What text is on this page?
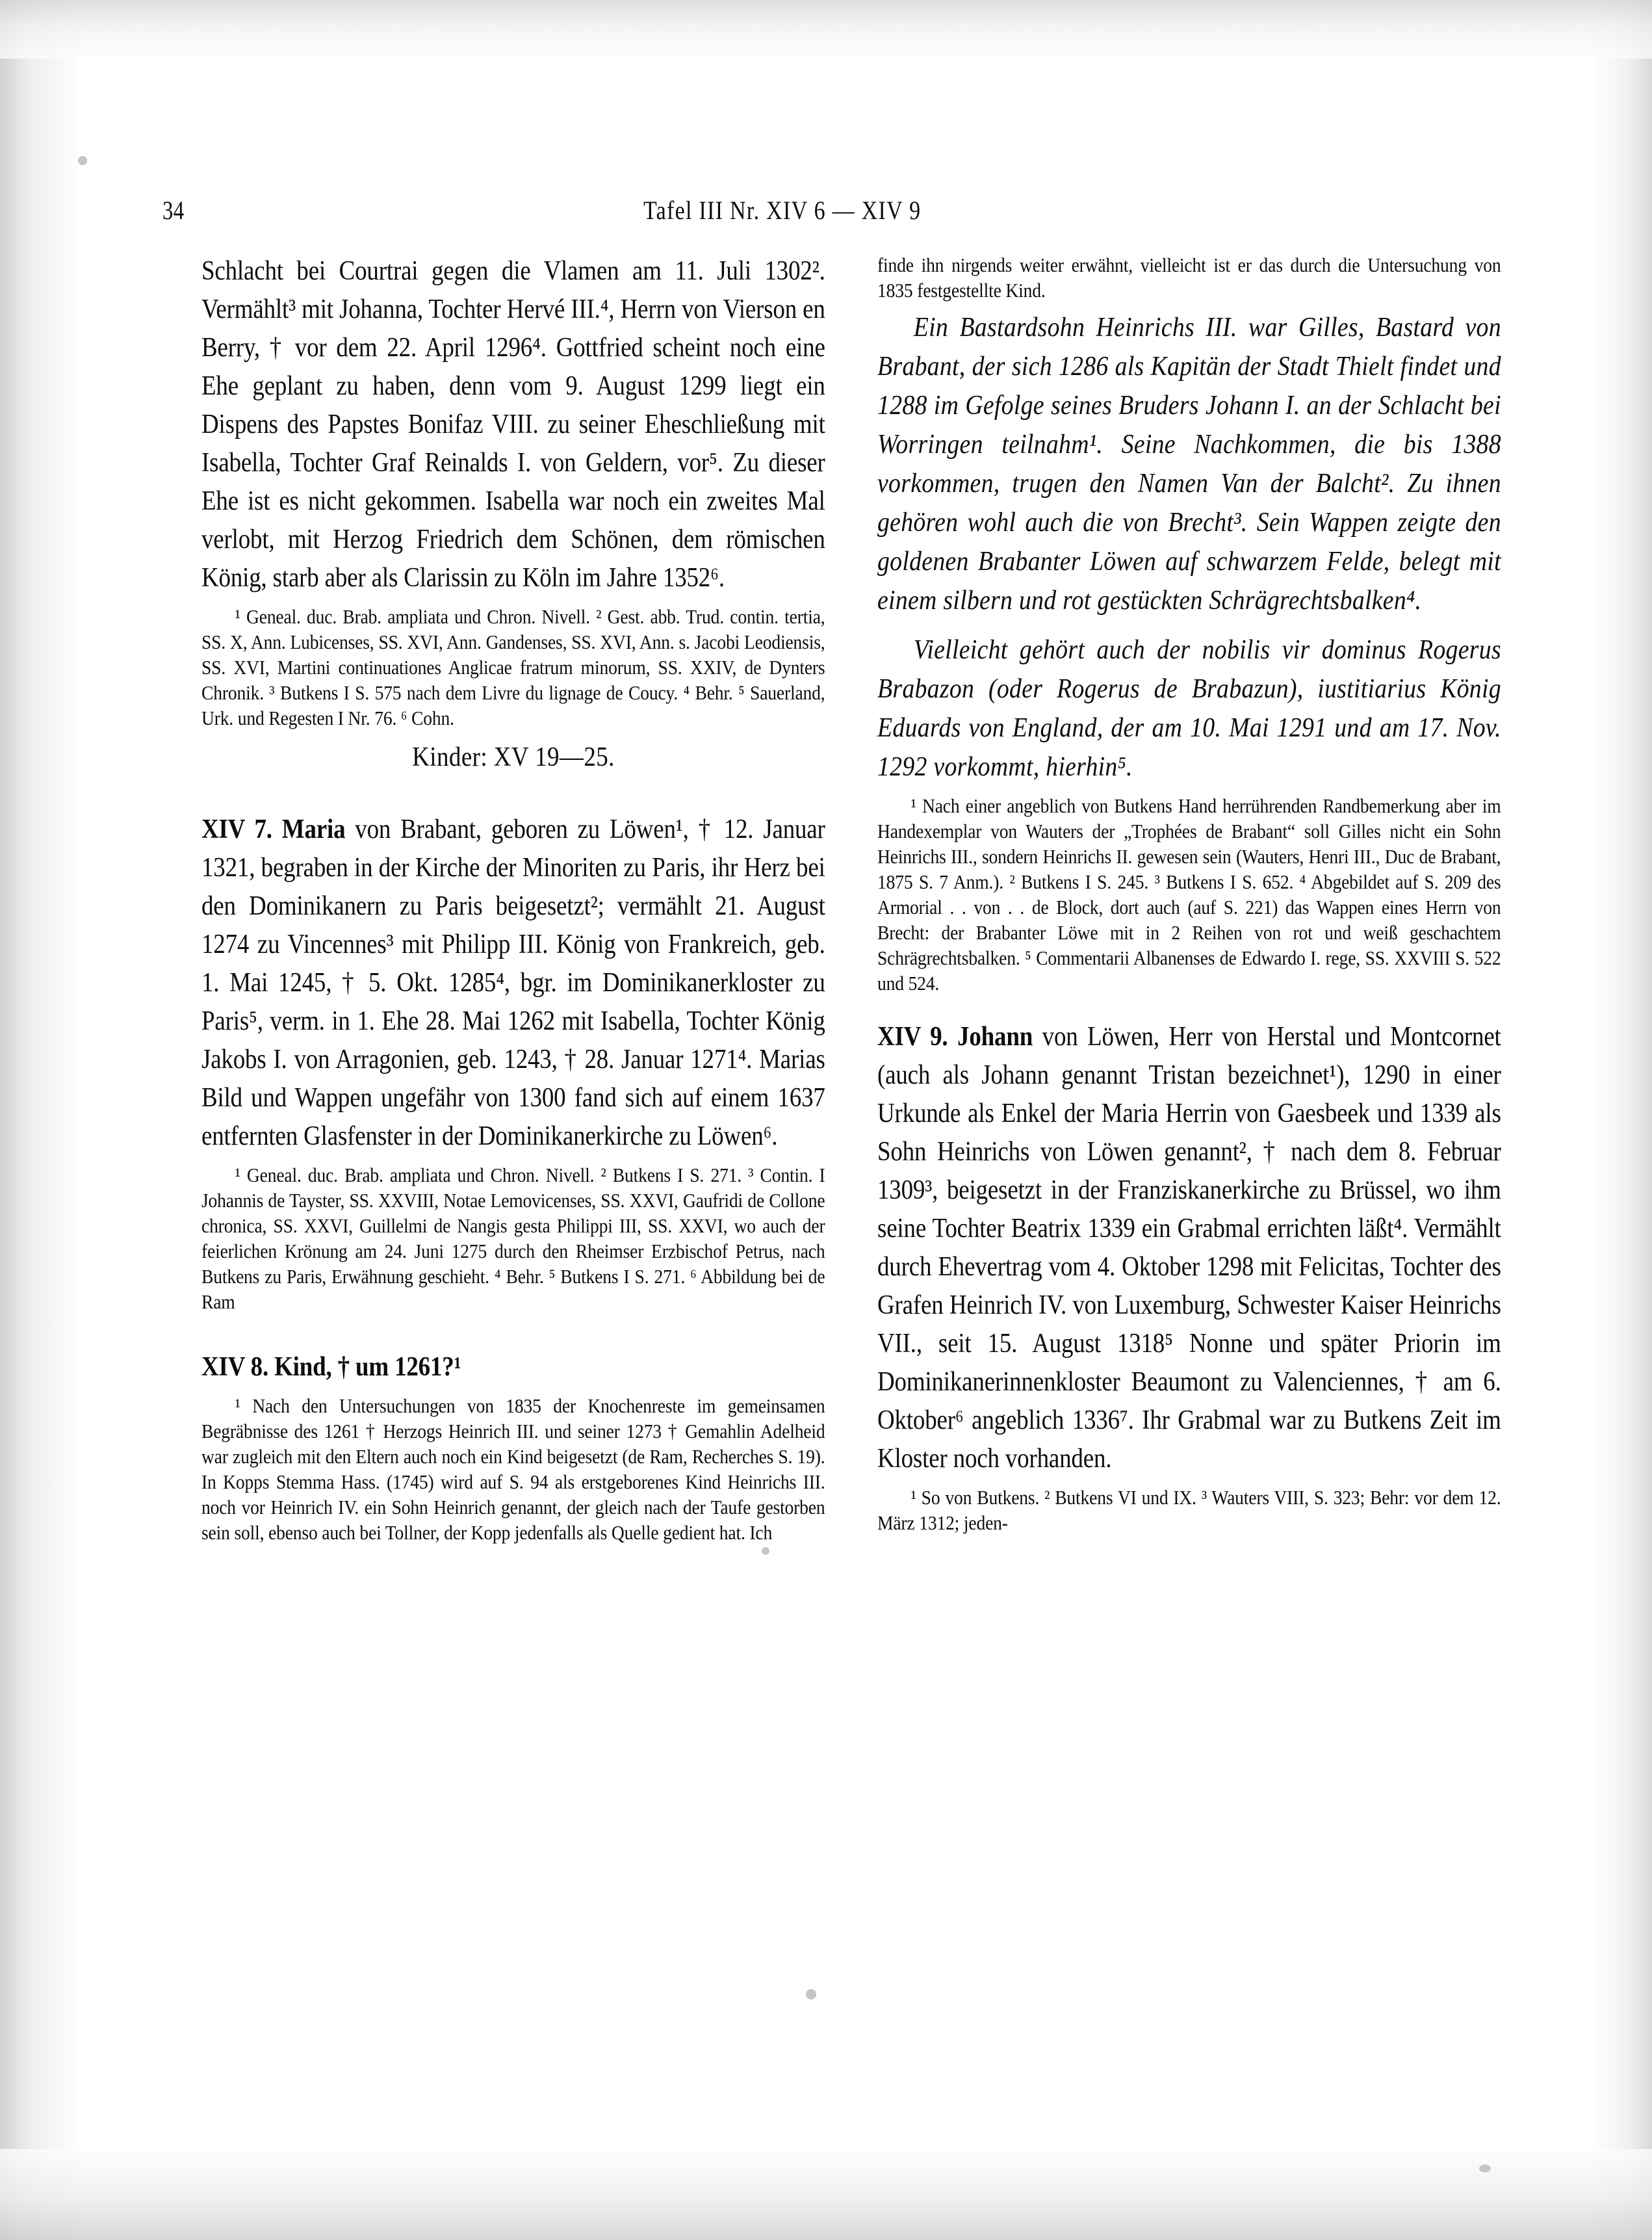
34	Tafel III Nr. XIV 6 — XIV 9

Schlacht bei Courtrai gegen die Vlamen am 11. Juli 1302². Vermählt³ mit Johanna, Tochter Hervé III.⁴, Herrn von Vierson en Berry, † vor dem 22. April 1296⁴. Gottfried scheint noch eine Ehe geplant zu haben, denn vom 9. August 1299 liegt ein Dispens des Papstes Bonifaz VIII. zu seiner Eheschließung mit Isabella, Tochter Graf Reinalds I. von Geldern, vor⁵. Zu dieser Ehe ist es nicht gekommen. Isabella war noch ein zweites Mal verlobt, mit Herzog Friedrich dem Schönen, dem römischen König, starb aber als Clarissin zu Köln im Jahre 1352⁶.

¹ Geneal. duc. Brab. ampliata und Chron. Nivell. ² Gest. abb. Trud. contin. tertia, SS. X, Ann. Lubicenses, SS. XVI, Ann. Gandenses, SS. XVI, Ann. s. Jacobi Leodiensis, SS. XVI, Martini continuationes Anglicae fratrum minorum, SS. XXIV, de Dynters Chronik. ³ Butkens I S. 575 nach dem Livre du lignage de Coucy. ⁴ Behr. ⁵ Sauerland, Urk. und Regesten I Nr. 76. ⁶ Cohn.

Kinder: XV 19—25.

XIV 7. Maria von Brabant, geboren zu Löwen¹, † 12. Januar 1321, begraben in der Kirche der Minoriten zu Paris, ihr Herz bei den Dominikanern zu Paris beigesetzt²; vermählt 21. August 1274 zu Vincennes³ mit Philipp III. König von Frankreich, geb. 1. Mai 1245, † 5. Okt. 1285⁴, bgr. im Dominikanerkloster zu Paris⁵, verm. in 1. Ehe 28. Mai 1262 mit Isabella, Tochter König Jakobs I. von Arragonien, geb. 1243, † 28. Januar 1271⁴. Marias Bild und Wappen ungefähr von 1300 fand sich auf einem 1637 entfernten Glasfenster in der Dominikanerkirche zu Löwen⁶.

¹ Geneal. duc. Brab. ampliata und Chron. Nivell. ² Butkens I S. 271. ³ Contin. I Johannis de Tayster, SS. XXVIII, Notae Lemovicenses, SS. XXVI, Gaufridi de Collone chronica, SS. XXVI, Guillelmi de Nangis gesta Philippi III, SS. XXVI, wo auch der feierlichen Krönung am 24. Juni 1275 durch den Rheimser Erzbischof Petrus, nach Butkens zu Paris, Erwähnung geschieht. ⁴ Behr. ⁵ Butkens I S. 271. ⁶ Abbildung bei de Ram

XIV 8. Kind, † um 1261?¹

¹ Nach den Untersuchungen von 1835 der Knochenreste im gemeinsamen Begräbnisse des 1261 † Herzogs Heinrich III. und seiner 1273 † Gemahlin Adelheid war zugleich mit den Eltern auch noch ein Kind beigesetzt (de Ram, Recherches S. 19). In Kopps Stemma Hass. (1745) wird auf S. 94 als erstgeborenes Kind Heinrichs III. noch vor Heinrich IV. ein Sohn Heinrich genannt, der gleich nach der Taufe gestorben sein soll, ebenso auch bei Tollner, der Kopp jedenfalls als Quelle gedient hat. Ich

finde ihn nirgends weiter erwähnt, vielleicht ist er das durch die Untersuchung von 1835 festgestellte Kind.

Ein Bastardsohn Heinrichs III. war Gilles, Bastard von Brabant, der sich 1286 als Kapitän der Stadt Thielt findet und 1288 im Gefolge seines Bruders Johann I. an der Schlacht bei Worringen teilnahm¹. Seine Nachkommen, die bis 1388 vorkommen, trugen den Namen Van der Balcht². Zu ihnen gehören wohl auch die von Brecht³. Sein Wappen zeigte den goldenen Brabanter Löwen auf schwarzem Felde, belegt mit einem silbern und rot gestückten Schrägrechtsbalken⁴.

Vielleicht gehört auch der nobilis vir dominus Rogerus Brabazon (oder Rogerus de Brabazun), iustitiarius König Eduards von England, der am 10. Mai 1291 und am 17. Nov. 1292 vorkommt, hierhin⁵.

¹ Nach einer angeblich von Butkens Hand herrührenden Randbemerkung aber im Handexemplar von Wauters der „Trophées de Brabant“ soll Gilles nicht ein Sohn Heinrichs III., sondern Heinrichs II. gewesen sein (Wauters, Henri III., Duc de Brabant, 1875 S. 7 Anm.). ² Butkens I S. 245. ³ Butkens I S. 652. ⁴ Abgebildet auf S. 209 des Armorial . . von . . de Block, dort auch (auf S. 221) das Wappen eines Herrn von Brecht: der Brabanter Löwe mit in 2 Reihen von rot und weiß geschachtem Schrägrechtsbalken. ⁵ Commentarii Albanenses de Edwardo I. rege, SS. XXVIII S. 522 und 524.

XIV 9. Johann von Löwen, Herr von Herstal und Montcornet (auch als Johann genannt Tristan bezeichnet¹), 1290 in einer Urkunde als Enkel der Maria Herrin von Gaesbeek und 1339 als Sohn Heinrichs von Löwen genannt², † nach dem 8. Februar 1309³, beigesetzt in der Franziskanerkirche zu Brüssel, wo ihm seine Tochter Beatrix 1339 ein Grabmal errichten läßt⁴. Vermählt durch Ehevertrag vom 4. Oktober 1298 mit Felicitas, Tochter des Grafen Heinrich IV. von Luxemburg, Schwester Kaiser Heinrichs VII., seit 15. August 1318⁵ Nonne und später Priorin im Dominikanerinnenkloster Beaumont zu Valenciennes, † am 6. Oktober⁶ angeblich 1336⁷. Ihr Grabmal war zu Butkens Zeit im Kloster noch vorhanden.

¹ So von Butkens. ² Butkens VI und IX. ³ Wauters VIII, S. 323; Behr: vor dem 12. März 1312; jeden-
